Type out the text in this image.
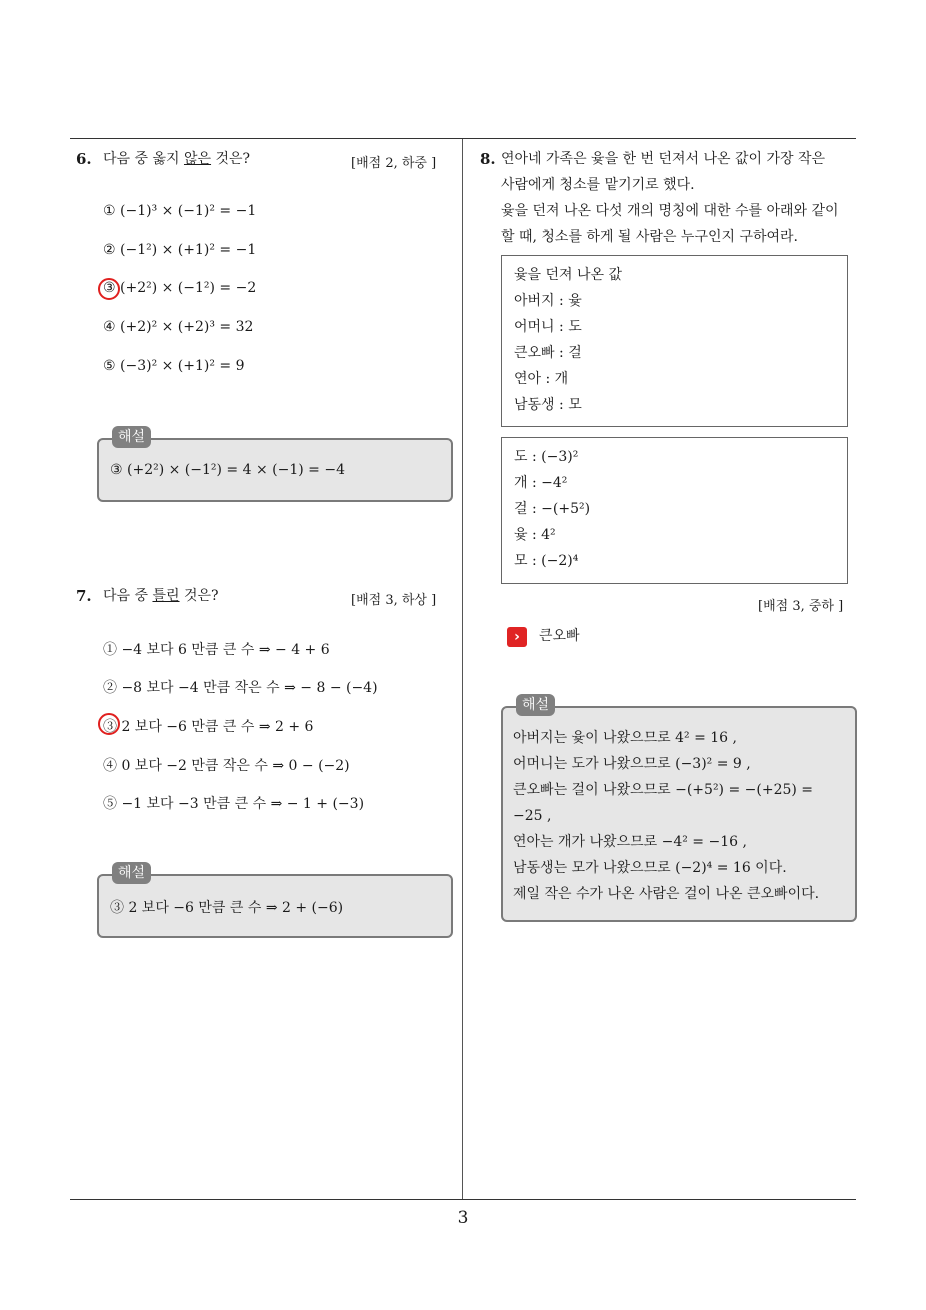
3
6. 다음 중 옳지 않은 것은?	[배점 2, 하중 ]
① (−1)³ × (−1)² = −1
② (−1²) × (+1)² = −1
③ (+2²) × (−1²) = −2
④ (+2)² × (+2)³ = 32
⑤ (−3)² × (+1)² = 9
해설
③ (+2²) × (−1²) = 4 × (−1) = −4
7. 다음 중 틀린 것은?	[배점 3, 하상 ]
① −4 보다 6 만큼 큰 수 ⇒ − 4 + 6
② −8 보다 −4 만큼 작은 수 ⇒ − 8 − (−4)
③ 2 보다 −6 만큼 큰 수 ⇒ 2 + 6
④ 0 보다 −2 만큼 작은 수 ⇒ 0 − (−2)
⑤ −1 보다 −3 만큼 큰 수 ⇒ − 1 + (−3)
해설
③ 2 보다 −6 만큼 큰 수 ⇒ 2 + (−6)
8. 연아네 가족은 윷을 한 번 던져서 나온 값이 가장 작은
사람에게 청소를 맡기기로 했다.
윷을 던져 나온 다섯 개의 명칭에 대한 수를 아래와 같이
할 때, 청소를 하게 될 사람은 누구인지 구하여라.
윷을 던져 나온 값
아버지 : 윷
어머니 : 도
큰오빠 : 걸
연아 : 개
남동생 : 모
도 : (−3)²
개 : −4²
걸 : −(+5²)
윷 : 4²
모 : (−2)⁴
[배점 3, 중하 ]
›	큰오빠
해설
아버지는 윷이 나왔으므로 4² = 16 ,
어머니는 도가 나왔으므로 (−3)² = 9 ,
큰오빠는 걸이 나왔으므로 −(+5²) = −(+25) =
−25 ,
연아는 개가 나왔으므로 −4² = −16 ,
남동생는 모가 나왔으므로 (−2)⁴ = 16 이다.
제일 작은 수가 나온 사람은 걸이 나온 큰오빠이다.
